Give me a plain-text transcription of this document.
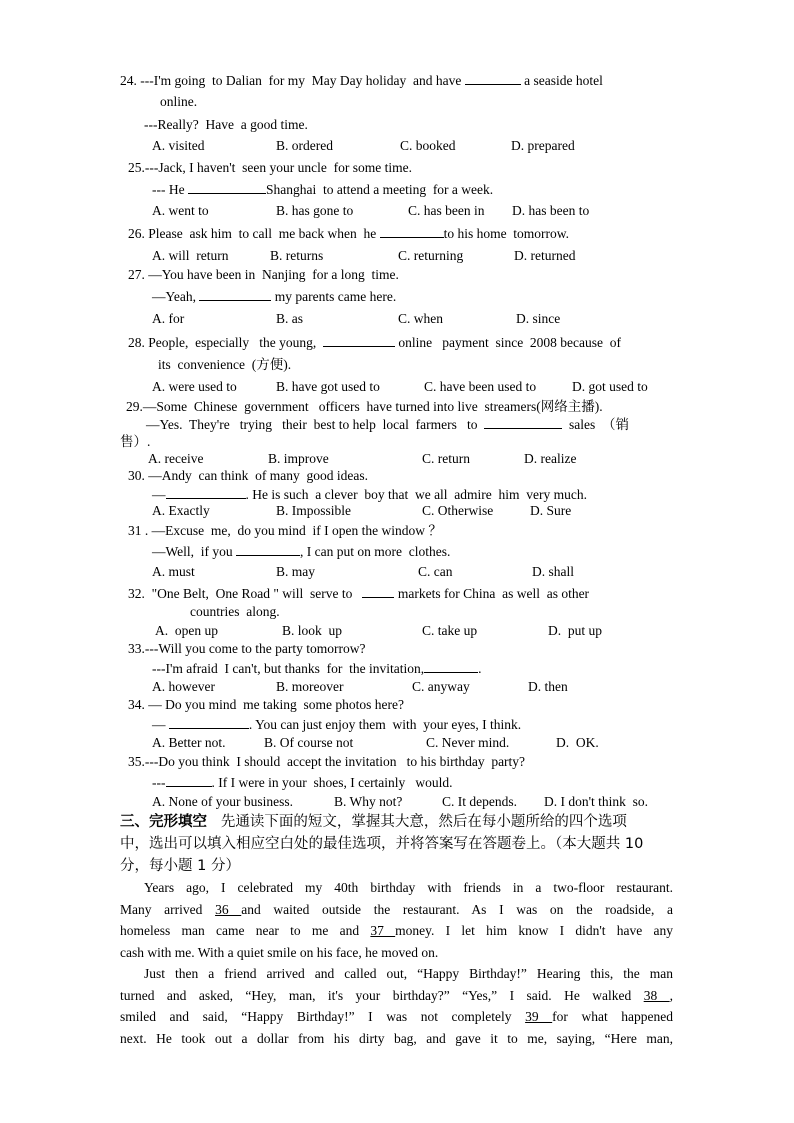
24. ---I'm going  to Dalian  for my  May Day holiday  and have	a seaside hotel
online.
---Really?  Have  a good time.
A. visited	B. ordered	C. booked	D. prepared
25.---Jack, I haven't  seen your uncle  for some time.
--- He	Shanghai  to attend a meeting  for a week.
A. went to	B. has gone to	C. has been in D. has been to
26. Please  ask him  to call  me back when  he	to his home  tomorrow.
A. will  return	B. returns	C. returning	D. returned
27. —You have been in  Nanjing  for a long  time.
—Yeah,	my parents came here.
A. for	B. as	C. when	D. since
28. People,  especially   the young,	online   payment  since  2008 because  of
its  convenience  (方便).
A. were used to	B. have got used to	C. have been used to	D. got used to
29.—Some  Chinese  government   officers  have turned into live  streamers(网络主播).
—Yes.  They're   trying   their  best to help  local  farmers   to	sales  （销
售）.
A. receive	B. improve	C. return	D. realize
30. —Andy  can think  of many  good ideas.
—	. He is such  a clever  boy that  we all  admire  him  very much.
A. Exactly	B. Impossible	C. Otherwise	D. Sure
31 . —Excuse  me,  do you mind  if I open the window ？
—Well,  if you	, I can put on more  clothes.
A. must	B. may	C. can	D. shall
32. "One Belt,  One Road " will  serve to    markets for China  as well  as other
countries  along.
A.  open up	B. look  up	C. take up	D.  put up
33.---Will you come to the party tomorrow?
---I'm afraid  I can't, but thanks  for  the invitation,	.
A. however	B. moreover	C. anyway	D. then
34. — Do you mind  me taking  some photos here?
—	. You can just enjoy them  with  your eyes, I think.
A. Better not.	B. Of course not	C. Never mind.	D.  OK.
35.---Do you think  I should  accept the invitation   to his birthday  party?
---	. If I were in your  shoes, I certainly   would.
A. None of your business.	B. Why not?	C. It depends. D. I don't think  so.
三、完形填空   先通读下面的短文，掌握其大意，然后在每小题所给的四个选项
中，选出可以填入相应空白处的最佳选项，并将答案写在答题卷上。（本大题共 10
分，每小题 1 分）
Years ago, I celebrated my 40th birthday with friends in a two-floor restaurant.
Many arrived 36 and waited outside the restaurant. As I was on the roadside, a
homeless man came near to me and 37 money. I let him know I didn't have any
cash with me. With a quiet smile on his face, he moved on.
Just then a friend arrived and called out, “Happy Birthday!” Hearing this, the man
turned and asked, “Hey, man, it's your birthday?” “Yes,” I said. He walked 38 ,
smiled and said, “Happy Birthday!” I was not completely 39 for what happened
next. He took out a dollar from his dirty bag, and gave it to me, saying, “Here man,
